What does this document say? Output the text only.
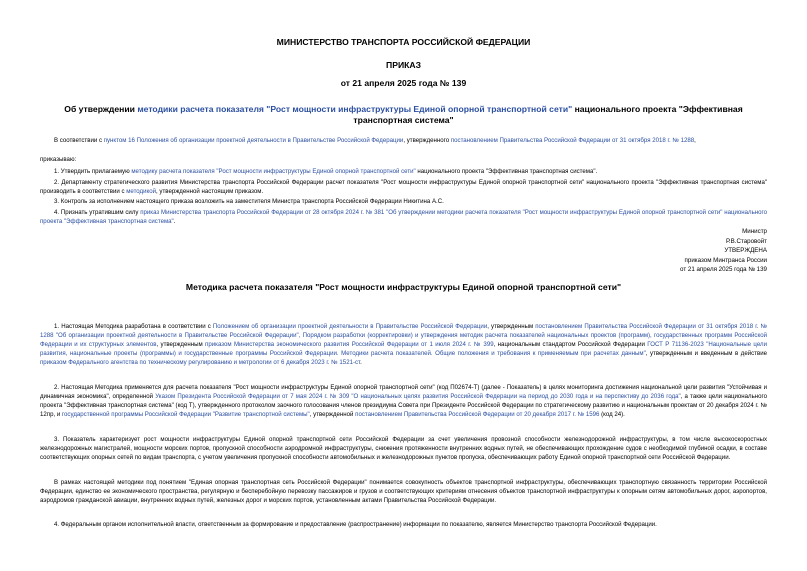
МИНИСТЕРСТВО ТРАНСПОРТА РОССИЙСКОЙ ФЕДЕРАЦИИ
ПРИКАЗ
от 21 апреля 2025 года № 139
Об утверждении методики расчета показателя "Рост мощности инфраструктуры Единой опорной транспортной сети" национального проекта "Эффективная транспортная система"
В соответствии с пунктом 16 Положения об организации проектной деятельности в Правительстве Российской Федерации, утвержденного постановлением Правительства Российской Федерации от 31 октября 2018 г. № 1288,
приказываю:
1. Утвердить прилагаемую методику расчета показателя "Рост мощности инфраструктуры Единой опорной транспортной сети" национального проекта "Эффективная транспортная система".
2. Департаменту стратегического развития Министерства транспорта Российской Федерации расчет показателя "Рост мощности инфраструктуры Единой опорной транспортной сети" национального проекта "Эффективная транспортная система" производить в соответствии с методикой, утвержденной настоящим приказом.
3. Контроль за исполнением настоящего приказа возложить на заместителя Министра транспорта Российской Федерации Никитина А.С.
4. Признать утратившим силу приказ Министерства транспорта Российской Федерации от 28 октября 2024 г. № 381 "Об утверждении методики расчета показателя "Рост мощности инфраструктуры Единой опорной транспортной сети" национального проекта "Эффективная транспортная система".
Министр
Р.В.Старовойт
УТВЕРЖДЕНА
приказом Минтранса России
от 21 апреля 2025 года № 139
Методика расчета показателя "Рост мощности инфраструктуры Единой опорной транспортной сети"
1. Настоящая Методика разработана в соответствии с Положением об организации проектной деятельности в Правительстве Российской Федерации, утвержденным постановлением Правительства Российской Федерации от 31 октября 2018 г. № 1288 "Об организации проектной деятельности в Правительстве Российской Федерации", Порядком разработки (корректировки) и утверждения методик расчета показателей национальных проектов (программ), государственных программ Российской Федерации и их структурных элементов, утвержденным приказом Министерства экономического развития Российской Федерации от 1 июля 2024 г. № 399, национальным стандартом Российской Федерации ГОСТ Р 71136-2023 "Национальные цели развития, национальные проекты (программы) и государственные программы Российской Федерации. Методики расчета показателей. Общие положения и требования к применяемым при расчетах данным", утвержденным и введенным в действие приказом Федерального агентства по техническому регулированию и метрологии от 6 декабря 2023 г. № 1521-ст.
2. Настоящая Методика применяется для расчета показателя "Рост мощности инфраструктуры Единой опорной транспортной сети" (код П02674-Т) (далее - Показатель) в целях мониторинга достижения национальной цели развития "Устойчивая и динамичная экономика", определенной Указом Президента Российской Федерации от 7 мая 2024 г. № 309 "О национальных целях развития Российской Федерации на период до 2030 года и на перспективу до 2036 года", а также цели национального проекта "Эффективная транспортная система" (код Т), утвержденного протоколом заочного голосования членов президиума Совета при Президенте Российской Федерации по стратегическому развитию и национальным проектам от 20 декабря 2024 г. № 12пр, и государственной программы Российской Федерации "Развитие транспортной системы", утвержденной постановлением Правительства Российской Федерации от 20 декабря 2017 г. № 1596 (код 24).
3. Показатель характеризует рост мощности инфраструктуры Единой опорной транспортной сети Российской Федерации за счет увеличения провозной способности железнодорожной инфраструктуры, в том числе высокоскоростных железнодорожных магистралей, мощности морских портов, пропускной способности аэродромной инфраструктуры, снижения протяженности внутренних водных путей, не обеспечивающих прохождение судов с необходимой глубиной осадки, в составе соответствующих опорных сетей по видам транспорта, с учетом увеличения пропускной способности автомобильных и железнодорожных пунктов пропуска, обеспечивающих работу Единой опорной транспортной сети Российской Федерации.
В рамках настоящей методики под понятием "Единая опорная транспортная сеть Российской Федерации" понимается совокупность объектов транспортной инфраструктуры, обеспечивающих транспортную связанность территории Российской Федерации, единство ее экономического пространства, регулярную и бесперебойную перевозку пассажиров и грузов и соответствующих критериям отнесения объектов транспортной инфраструктуры к опорным сетям автомобильных дорог, аэропортов, аэродромов гражданской авиации, внутренних водных путей, железных дорог и морских портов, установленным актами Правительства Российской Федерации.
4. Федеральным органом исполнительной власти, ответственным за формирование и предоставление (распространение) информации по показателю, является Министерство транспорта Российской Федерации.
